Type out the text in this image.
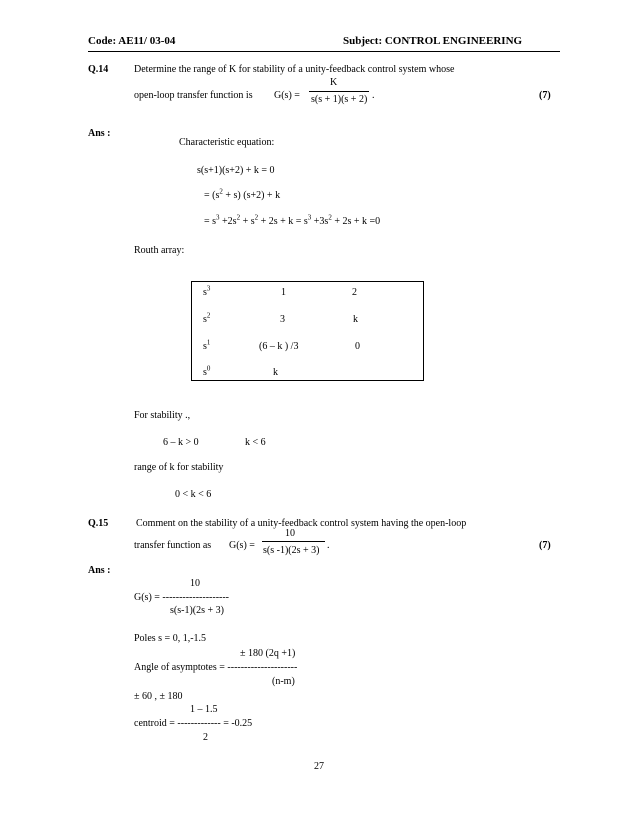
Code: AE11/ 03-04	Subject: CONTROL ENGINEERING
Q.14	Determine the range of K for stability of a unity-feedback control system whose
open-loop transfer function is G(s) =
K
s(s + 1)(s + 2) .	(7)
Ans :
Characteristic equation:
s(s+1)(s+2) + k = 0
= $(s^2 + s) (s+2) + k$
= $s^3 +2s^2 + s^2 + 2s + k = s^3 +3s^2 + 2s + k =0$
Routh array:
$s^3$	1	2
$s^2$	3	k
$s^1$	(6 – k ) /3	0
$s^0$	k
For stability .,
6 – k > 0	k < 6
range of k for stability
0 < k < 6
Q.15	Comment on the stability of a unity-feedback control system having the open-loop
transfer function as G(s) =
10
s(s -1)(2s + 3) .	(7)
Ans :
10
G(s) = --------------------
s(s-1)(2s + 3)
Poles s = 0, 1,-1.5
± 180 (2q +1)
Angle of asymptotes = ---------------------
(n-m)
± 60 , ± 180
1 – 1.5
centroid = ------------- = -0.25
2
27
